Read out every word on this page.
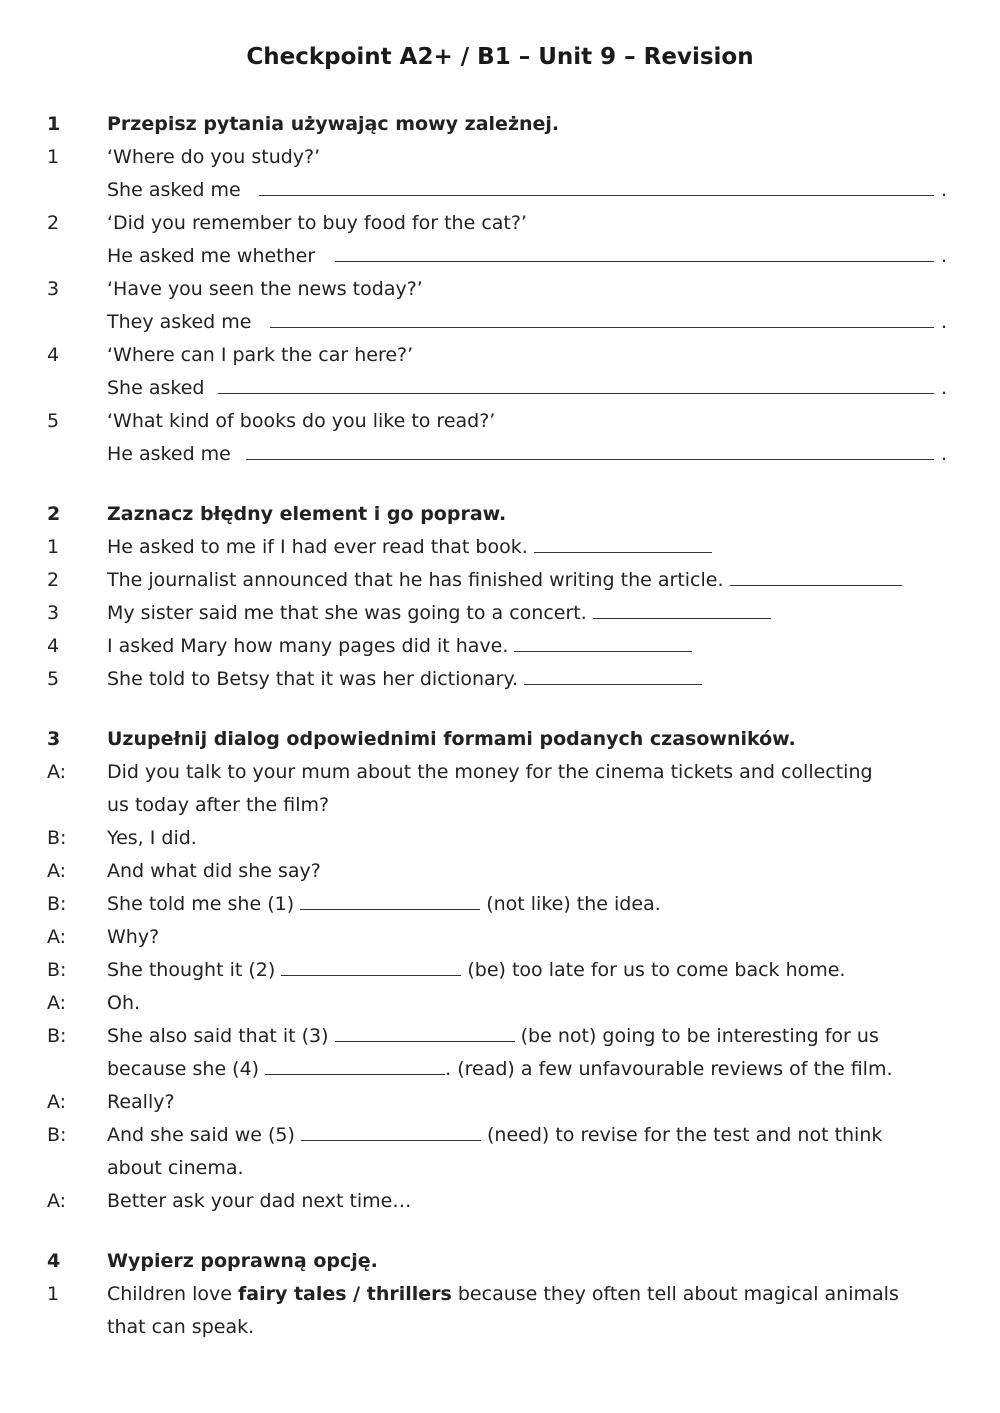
Checkpoint A2+ / B1 – Unit 9 – Revision
1 Przepisz pytania używając mowy zależnej.
1	‘Where do you study?’
She asked me	.
2	‘Did you remember to buy food for the cat?’
He asked me whether	.
3	‘Have you seen the news today?’
They asked me	.
4	‘Where can I park the car here?’
She asked	.
5	‘What kind of books do you like to read?’
He asked me	.
2 Zaznacz błędny element i go popraw.
1	He asked to me if I had ever read that book.
2	The journalist announced that he has finished writing the article.
3	My sister said me that she was going to a concert.
4	I asked Mary how many pages did it have.
5	She told to Betsy that it was her dictionary.
3 Uzupełnij dialog odpowiednimi formami podanych czasowników.
A: Did you talk to your mum about the money for the cinema tickets and collecting
us today after the film?
B: Yes, I did.
A: And what did she say?
B: She told me she (1)	(not like) the idea.
A: Why?
B: She thought it (2)	(be) too late for us to come back home.
A: Oh.
B: She also said that it (3)	(be not) going to be interesting for us
because she (4)	. (read) a few unfavourable reviews of the film.
A: Really?
B: And she said we (5)	(need) to revise for the test and not think
about cinema.
A: Better ask your dad next time…
4 Wypierz poprawną opcję.
1	Children love fairy tales / thrillers because they often tell about magical animals
that can speak.
